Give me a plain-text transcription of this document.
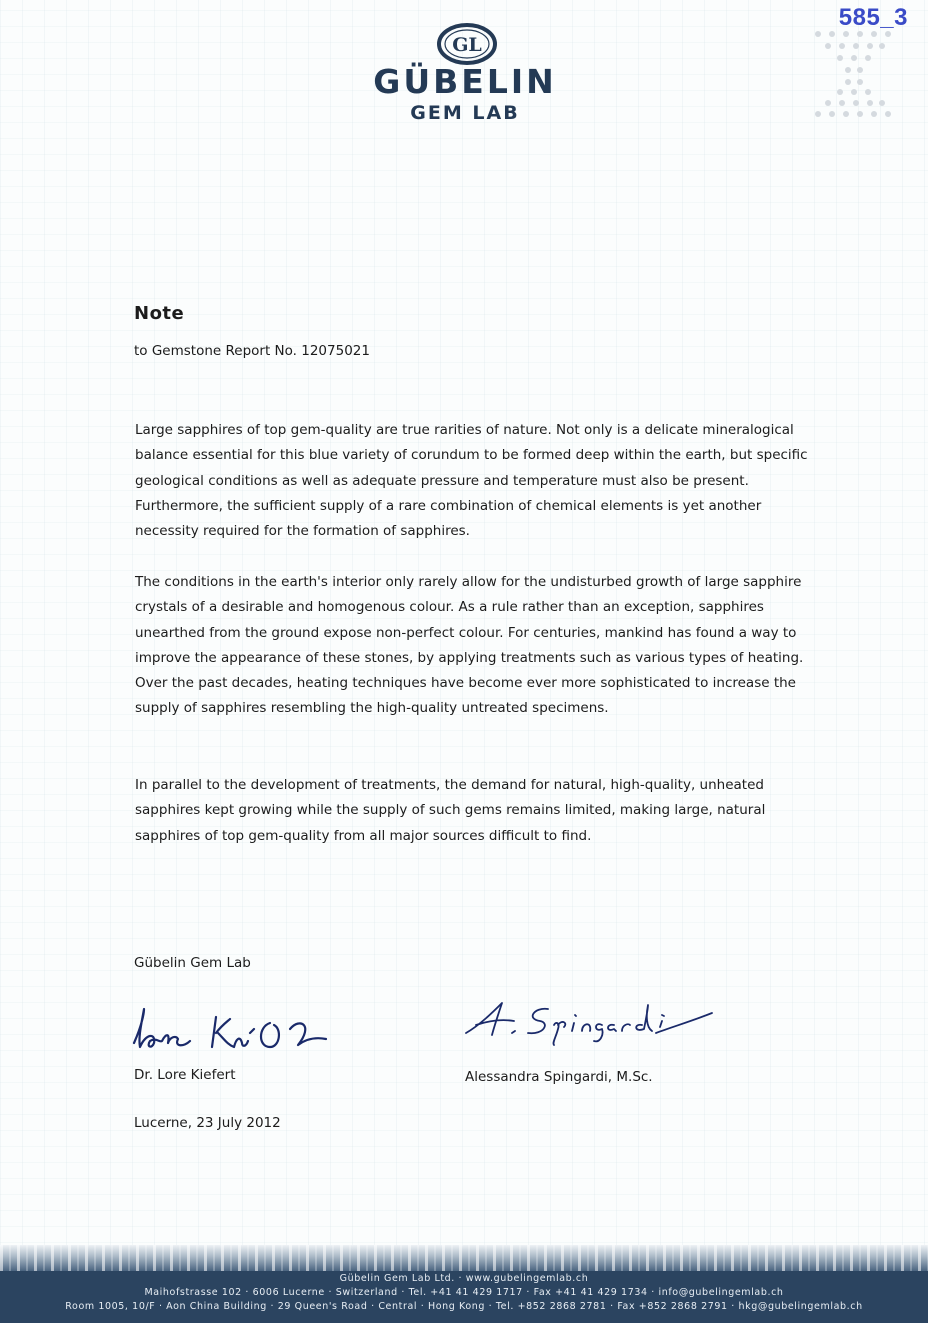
585_3
GL
GÜBELIN
GEM LAB
Note
to Gemstone Report No. 12075021

Large sapphires of top gem-quality are true rarities of nature. Not only is a delicate mineralogical balance essential for this blue variety of corundum to be formed deep within the earth, but specific geological conditions as well as adequate pressure and temperature must also be present. Furthermore, the sufficient supply of a rare combination of chemical elements is yet another necessity required for the formation of sapphires.

The conditions in the earth's interior only rarely allow for the undisturbed growth of large sapphire crystals of a desirable and homogenous colour. As a rule rather than an exception, sapphires unearthed from the ground expose non-perfect colour. For centuries, mankind has found a way to improve the appearance of these stones, by applying treatments such as various types of heating. Over the past decades, heating techniques have become ever more sophisticated to increase the supply of sapphires resembling the high-quality untreated specimens.

In parallel to the development of treatments, the demand for natural, high-quality, unheated sapphires kept growing while the supply of such gems remains limited, making large, natural sapphires of top gem-quality from all major sources difficult to find.

Gübelin Gem Lab
Dr. Lore Kiefert	Alessandra Spingardi, M.Sc.
Lucerne, 23 July 2012
Gübelin Gem Lab Ltd. · www.gubelingemlab.ch
Maihofstrasse 102 · 6006 Lucerne · Switzerland · Tel. +41 41 429 1717 · Fax +41 41 429 1734 · info@gubelingemlab.ch
Room 1005, 10/F · Aon China Building · 29 Queen's Road · Central · Hong Kong · Tel. +852 2868 2781 · Fax +852 2868 2791 · hkg@gubelingemlab.ch
